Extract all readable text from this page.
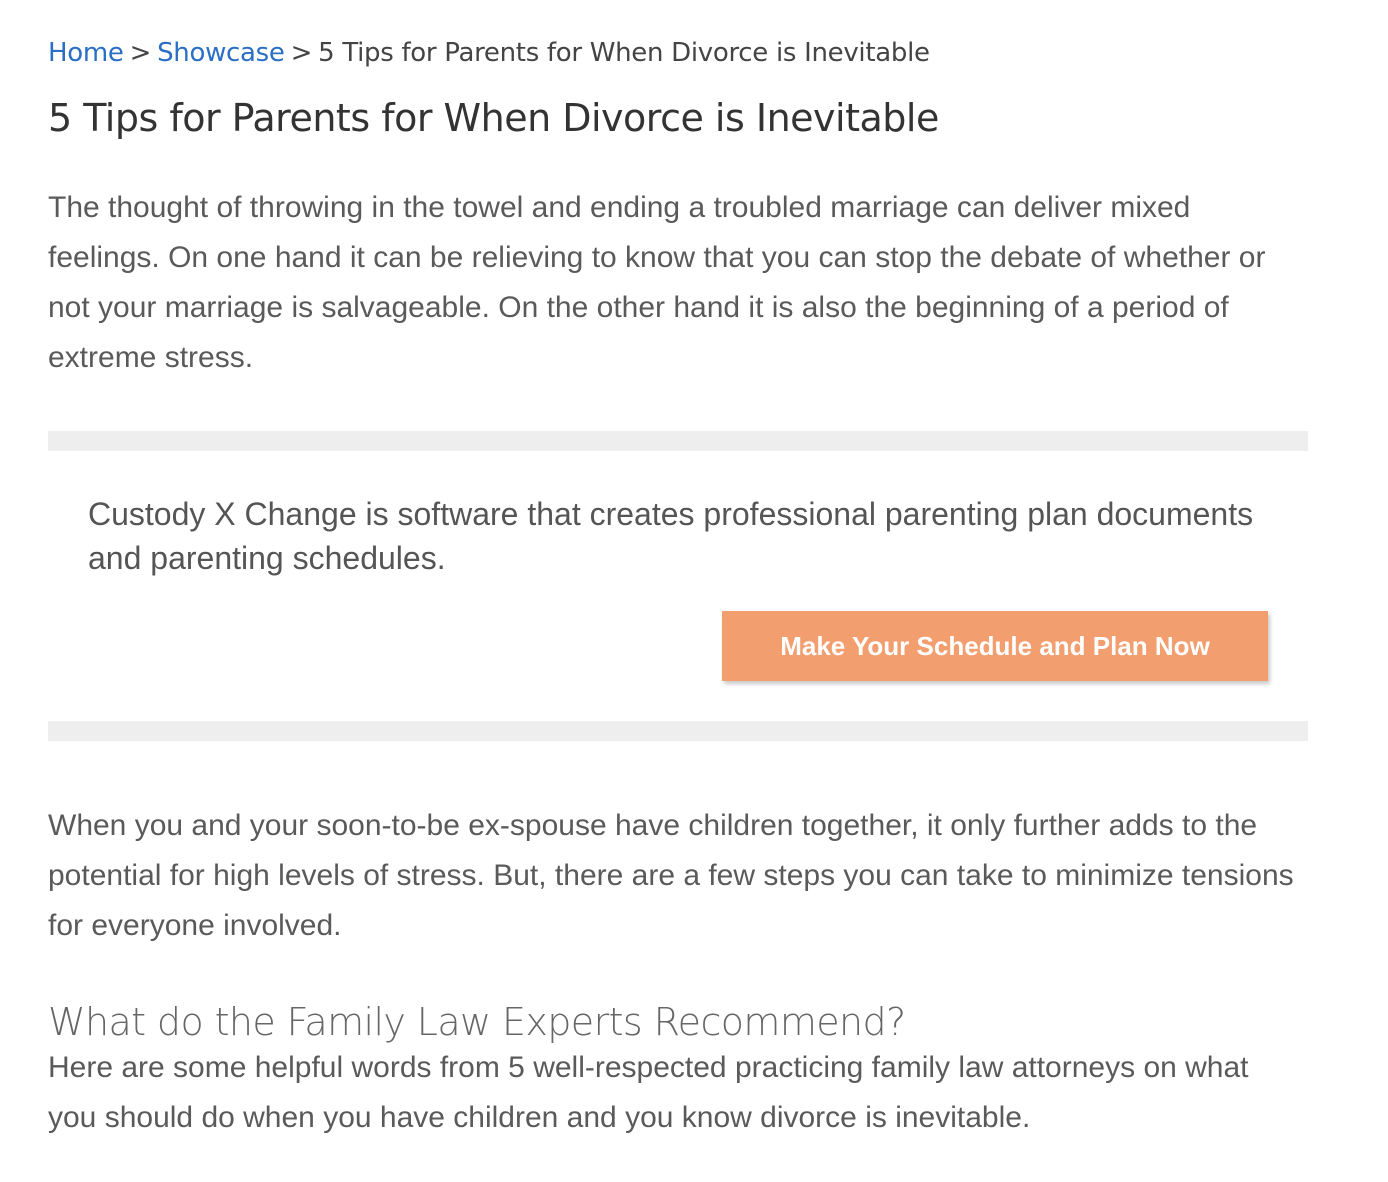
Home > Showcase > 5 Tips for Parents for When Divorce is Inevitable
5 Tips for Parents for When Divorce is Inevitable

The thought of throwing in the towel and ending a troubled marriage can deliver mixed feelings. On one hand it can be relieving to know that you can stop the debate of whether or not your marriage is salvageable. On the other hand it is also the beginning of a period of extreme stress.

Custody X Change is software that creates professional parenting plan documents and parenting schedules.

Make Your Schedule and Plan Now

When you and your soon-to-be ex-spouse have children together, it only further adds to the potential for high levels of stress. But, there are a few steps you can take to minimize tensions for everyone involved.

What do the Family Law Experts Recommend?

Here are some helpful words from 5 well-respected practicing family law attorneys on what you should do when you have children and you know divorce is inevitable.
